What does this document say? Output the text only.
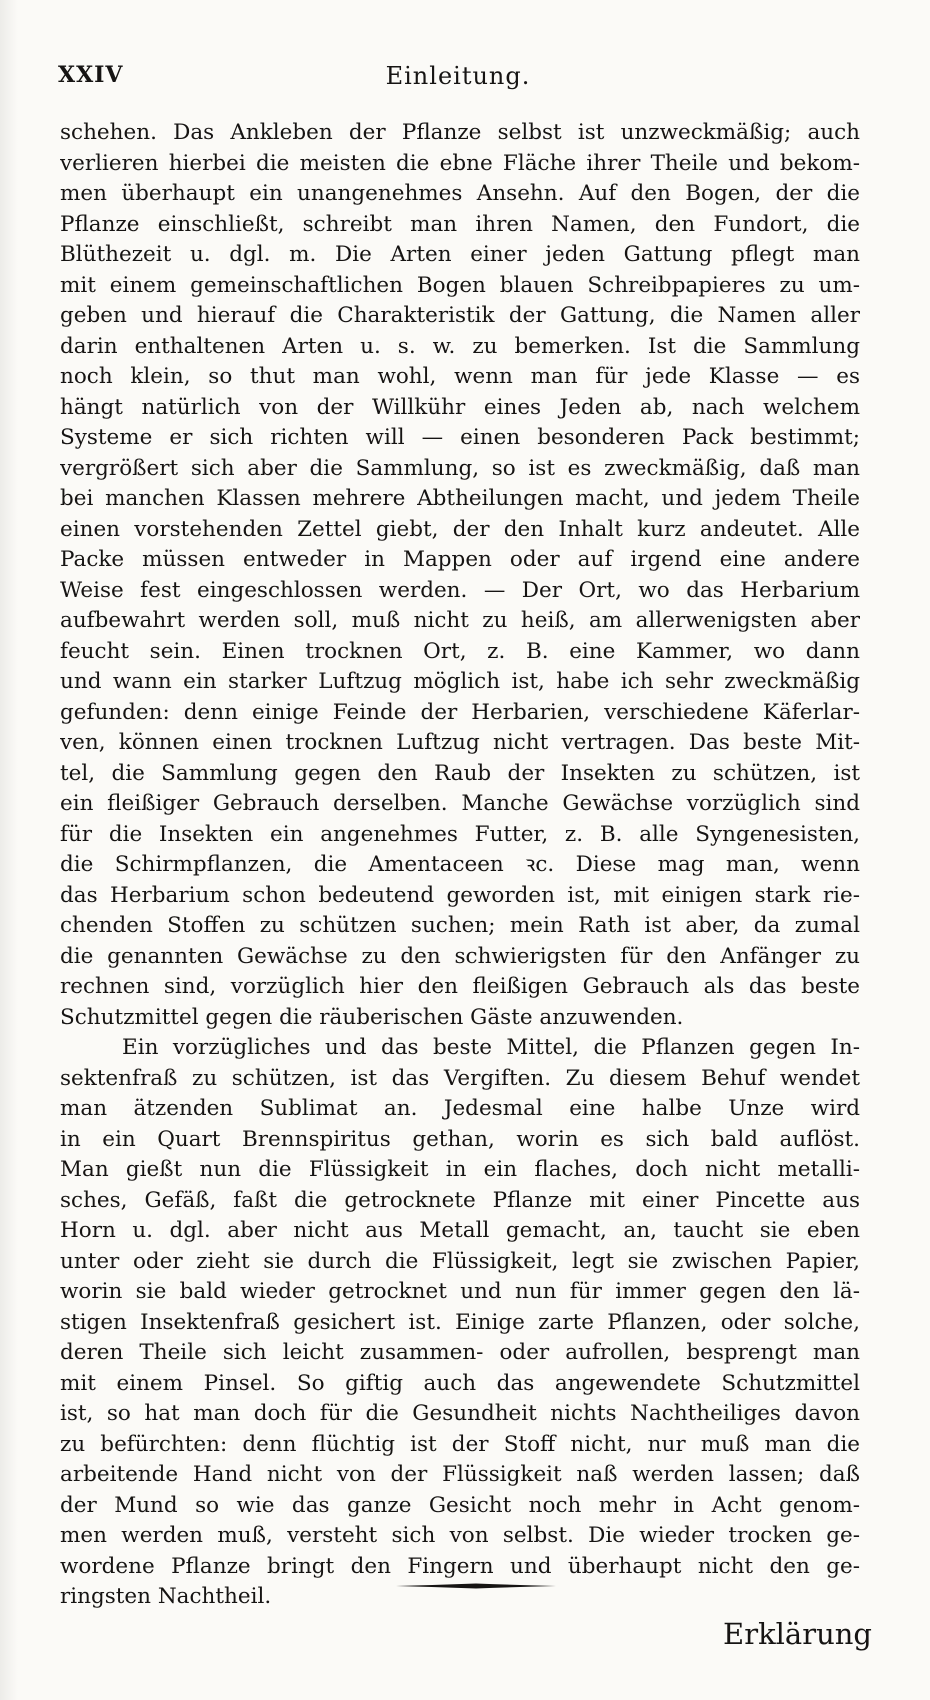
XXIV	Einleitung.
schehen. Das Ankleben der Pflanze selbst ist unzweckmäßig; auch
verlieren hierbei die meisten die ebne Fläche ihrer Theile und bekom-
men überhaupt ein unangenehmes Ansehn. Auf den Bogen, der die
Pflanze einschließt, schreibt man ihren Namen, den Fundort, die
Blüthezeit u. dgl. m. Die Arten einer jeden Gattung pflegt man
mit einem gemeinschaftlichen Bogen blauen Schreibpapieres zu um-
geben und hierauf die Charakteristik der Gattung, die Namen aller
darin enthaltenen Arten u. s. w. zu bemerken. Ist die Sammlung
noch klein, so thut man wohl, wenn man für jede Klasse — es
hängt natürlich von der Willkühr eines Jeden ab, nach welchem
Systeme er sich richten will — einen besonderen Pack bestimmt;
vergrößert sich aber die Sammlung, so ist es zweckmäßig, daß man
bei manchen Klassen mehrere Abtheilungen macht, und jedem Theile
einen vorstehenden Zettel giebt, der den Inhalt kurz andeutet. Alle
Packe müssen entweder in Mappen oder auf irgend eine andere
Weise fest eingeschlossen werden. — Der Ort, wo das Herbarium
aufbewahrt werden soll, muß nicht zu heiß, am allerwenigsten aber
feucht sein. Einen trocknen Ort, z. B. eine Kammer, wo dann
und wann ein starker Luftzug möglich ist, habe ich sehr zweckmäßig
gefunden: denn einige Feinde der Herbarien, verschiedene Käferlar-
ven, können einen trocknen Luftzug nicht vertragen. Das beste Mit-
tel, die Sammlung gegen den Raub der Insekten zu schützen, ist
ein fleißiger Gebrauch derselben. Manche Gewächse vorzüglich sind
für die Insekten ein angenehmes Futter, z. B. alle Syngenesisten,
die Schirmpflanzen, die Amentaceen ꝛc. Diese mag man, wenn
das Herbarium schon bedeutend geworden ist, mit einigen stark rie-
chenden Stoffen zu schützen suchen; mein Rath ist aber, da zumal
die genannten Gewächse zu den schwierigsten für den Anfänger zu
rechnen sind, vorzüglich hier den fleißigen Gebrauch als das beste
Schutzmittel gegen die räuberischen Gäste anzuwenden.
Ein vorzügliches und das beste Mittel, die Pflanzen gegen In-
sektenfraß zu schützen, ist das Vergiften. Zu diesem Behuf wendet
man ätzenden Sublimat an. Jedesmal eine halbe Unze wird
in ein Quart Brennspiritus gethan, worin es sich bald auflöst.
Man gießt nun die Flüssigkeit in ein flaches, doch nicht metalli-
sches, Gefäß, faßt die getrocknete Pflanze mit einer Pincette aus
Horn u. dgl. aber nicht aus Metall gemacht, an, taucht sie eben
unter oder zieht sie durch die Flüssigkeit, legt sie zwischen Papier,
worin sie bald wieder getrocknet und nun für immer gegen den lä-
stigen Insektenfraß gesichert ist. Einige zarte Pflanzen, oder solche,
deren Theile sich leicht zusammen- oder aufrollen, besprengt man
mit einem Pinsel. So giftig auch das angewendete Schutzmittel
ist, so hat man doch für die Gesundheit nichts Nachtheiliges davon
zu befürchten: denn flüchtig ist der Stoff nicht, nur muß man die
arbeitende Hand nicht von der Flüssigkeit naß werden lassen; daß
der Mund so wie das ganze Gesicht noch mehr in Acht genom-
men werden muß, versteht sich von selbst. Die wieder trocken ge-
wordene Pflanze bringt den Fingern und überhaupt nicht den ge-
ringsten Nachtheil.
Erklärung
